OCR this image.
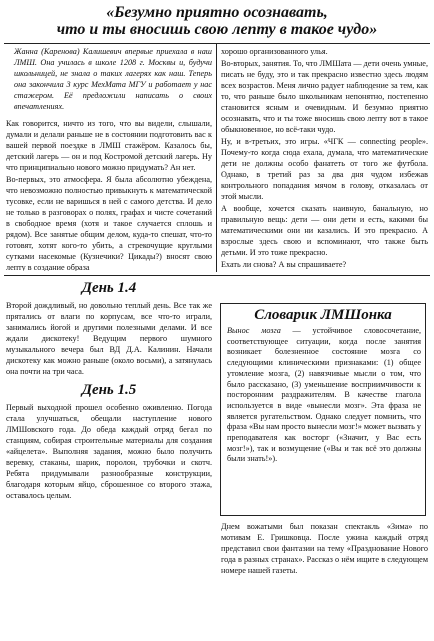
«Безумно приятно осознавать,
что и ты вносишь свою лепту в такое чудо»

Жанна (Каренова) Калишевич впервые приехала в наш ЛМШ. Она училась в школе 1208 г. Москвы и, будучи школьницей, не знала о таких лагерях как наш. Теперь она закончила 3 курс МехМата МГУ и работает у нас стажером. Её предложили написать о своих впечатлениях.

Как говорится, ничто из того, что вы видели, слышали, думали и делали раньше не в состоянии подготовить вас к вашей первой поездке в ЛМШ стажёром. Казалось бы, детский лагерь — он и под Костромой детский лагерь. Ну что принципиально нового можно придумать? Ан нет.

Во-первых, это атмосфера. Я была абсолютно убеждена, что невозможно полностью привыкнуть к математической тусовке, если не варишься в ней с самого детства. И дело не только в разговорах о полях, графах и чисте сочетаний в свободное время (хотя и такое случается сплошь и рядом). Все занятые общим делом, куда-то спешат, что-то готовят, хотят кого-то убить, а стрекочущие круглыми сутками насекомые (Кузнечики? Цикады?) вносят свою лепту в создание образа

хорошо организованного улья.

Во-вторых, занятия. То, что ЛМШата — дети очень умные, писать не буду, это и так прекрасно известно здесь людям всех возрастов. Меня лично радует наблюдение за тем, как то, что раньше было школьникам непонятно, постепенно становится ясным и очевидным. И безумно приятно осознавать, что и ты тоже вносишь свою лепту вот в такое обыкновенное, но всё-таки чудо.

Ну, и в-третьих, это игры. «ЧГК — connecting people». Почему-то когда сюда ехала, думала, что математические дети не должны особо фанатеть от того же футбола. Однако, в третий раз за два дня чудом избежав контрольного попадания мячом в голову, отказалась от этой мысли.

А вообще, хочется сказать наивную, банальную, но правильную вещь: дети — они дети и есть, какими бы математическими они ни казались. И это прекрасно. А взрослые здесь свою и вспоминают, что также быть детьми. И это тоже прекрасно.

Ехать ли снова? А вы спрашиваете?

День 1.4

Второй дождливый, но довольно теплый день. Все так же прятались от влаги по корпусам, все что-то играли, занимались йогой и другими полезными делами. И все ждали дискотеку! Ведущим первого шумного музыкального вечера был ВД Д.А. Калинин. Начали дискотеку как можно раньше (около восьми), а затянулась она почти на три часа.

День 1.5

Первый выходной прошел особенно оживленно. Погода стала улучшаться, обещали наступление нового ЛМШовского года. До обеда каждый отряд бегал по станциям, собирая строительные материалы для создания «айцелета». Выполняя задания, можно было получить веревку, стаканы, шарик, поролон, трубочки и скотч. Ребята придумывали разнообразные конструкции, благодаря которым яйцо, сброшенное со второго этажа, оставалось целым.

Словарик ЛМШонка
Вынос мозга — устойчивое словосочетание, соответствующее ситуации, когда после занятия возникает болезненное состояние мозга со следующими клиническими признаками: (1) общее утомление мозга, (2) навязчивые мысли о том, что было рассказано, (3) уменьшение восприимчивости к посторонним раздражителям. В качестве глагола используется в виде «вынесли мозг». Эта фраза не является ругательством. Однако следует помнить, что фраза «Вы нам просто вынесли мозг!» может вызвать у преподавателя как восторг («Значит, у Вас есть мозг!»), так и возмущение («Вы и так всё это должны были знать!»).

Днем вожатыми был показан спектакль «Зима» по мотивам Е. Гришковца. После ужина каждый отряд представил свои фантазии на тему «Празднование Нового года в разных странах». Рассказ о нём ищите в следующем номере нашей газеты.
